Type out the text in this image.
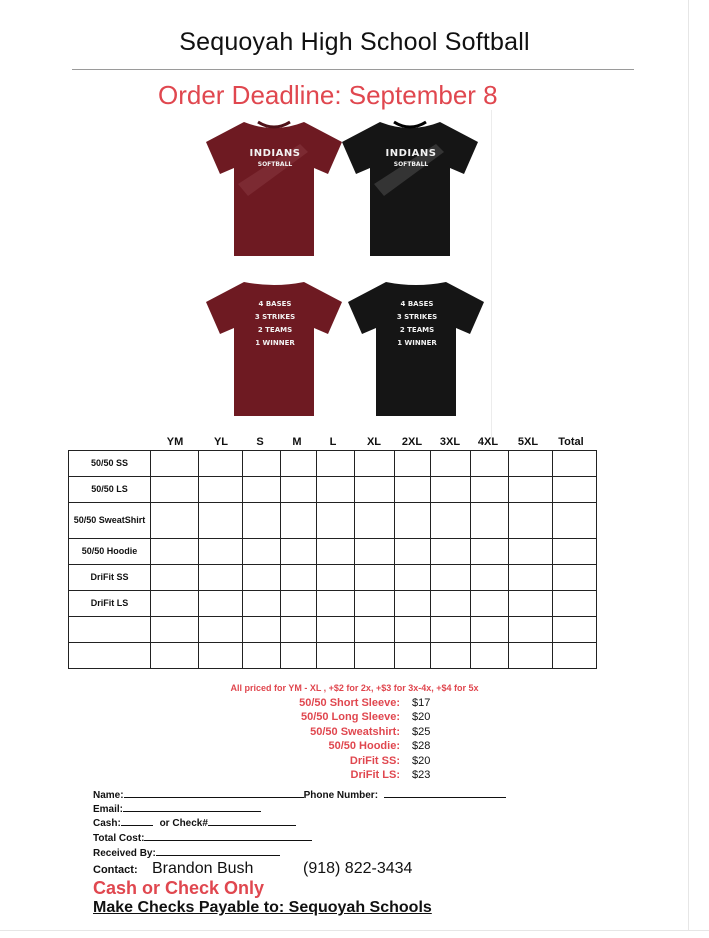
Sequoyah High School Softball
Order Deadline: September 8
INDIANS
SOFTBALL
INDIANS
SOFTBALL
4 BASES
3 STRIKES
2 TEAMS
1 WINNER
4 BASES
3 STRIKES
2 TEAMS
1 WINNER
YM	YL	S	M	L	XL 2XL 3XL 4XL 5XL Total
50/50 SS											
50/50 LS											
50/50 SweatShirt											
50/50 Hoodie											
DriFit SS											
DriFit LS											

All priced for YM - XL , +$2 for 2x, +$3 for 3x-4x, +$4 for 5x
50/50 Short Sleeve: $17
50/50 Long Sleeve: $20
50/50 Sweatshirt: $25
50/50 Hoodie: $28
DriFit SS: $20
DriFit LS: $23
Name:	Phone Number:
Email:
Cash:	or Check#
Total Cost:
Received By:
Contact: Brandon Bush	(918) 822-3434
Cash or Check Only
Make Checks Payable to: Sequoyah Schools
